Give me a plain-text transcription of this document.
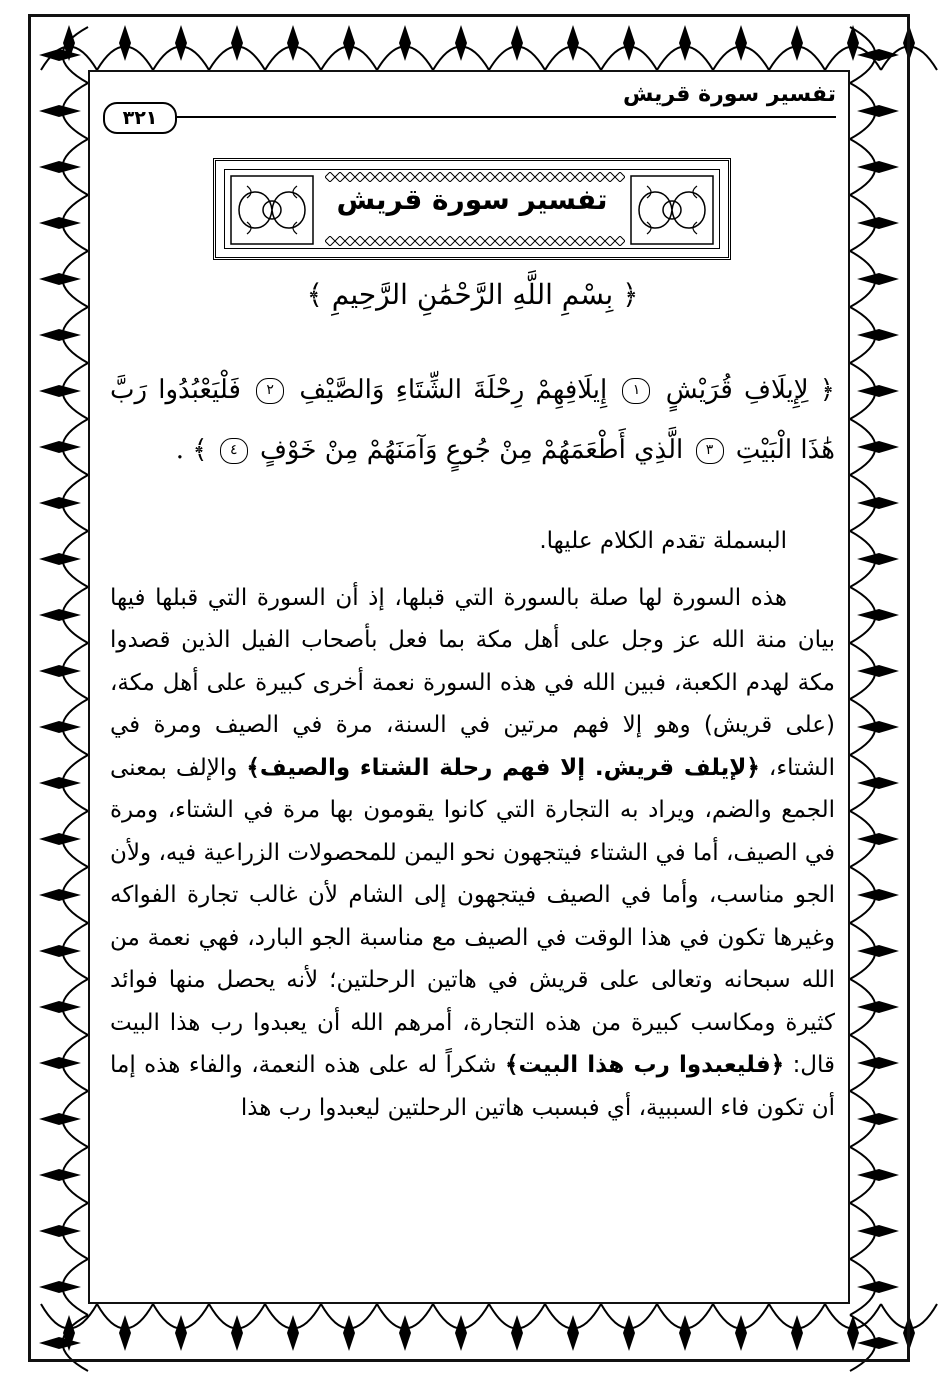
تفسير سورة قريش
٣٢١
تفسير سورة قريش
﴿ بِسْمِ اللَّهِ الرَّحْمَٰنِ الرَّحِيمِ ﴾
﴿ لِإِيلَافِ قُرَيْشٍ ١ إِيلَافِهِمْ رِحْلَةَ الشِّتَاءِ وَالصَّيْفِ ٢ فَلْيَعْبُدُوا رَبَّ هَٰذَا الْبَيْتِ ٣ الَّذِي أَطْعَمَهُمْ مِنْ جُوعٍ وَآمَنَهُمْ مِنْ خَوْفٍ ٤ ﴾ .

البسملة تقدم الكلام عليها.

هذه السورة لها صلة بالسورة التي قبلها، إذ أن السورة التي قبلها فيها بيان منة الله عز وجل على أهل مكة بما فعل بأصحاب الفيل الذين قصدوا مكة لهدم الكعبة، فبين الله في هذه السورة نعمة أخرى كبيرة على أهل مكة، (على قريش) وهو إلا فهم مرتين في السنة، مرة في الصيف ومرة في الشتاء، ﴿لإيلف قريش. إلا فهم رحلة الشتاء والصيف﴾ والإلف بمعنى الجمع والضم، ويراد به التجارة التي كانوا يقومون بها مرة في الشتاء، ومرة في الصيف، أما في الشتاء فيتجهون نحو اليمن للمحصولات الزراعية فيه، ولأن الجو مناسب، وأما في الصيف فيتجهون إلى الشام لأن غالب تجارة الفواكه وغيرها تكون في هذا الوقت في الصيف مع مناسبة الجو البارد، فهي نعمة من الله سبحانه وتعالى على قريش في هاتين الرحلتين؛ لأنه يحصل منها فوائد كثيرة ومكاسب كبيرة من هذه التجارة، أمرهم الله أن يعبدوا رب هذا البيت قال: ﴿فليعبدوا رب هذا البيت﴾ شكراً له على هذه النعمة، والفاء هذه إما أن تكون فاء السببية، أي فبسبب هاتين الرحلتين ليعبدوا رب هذا
